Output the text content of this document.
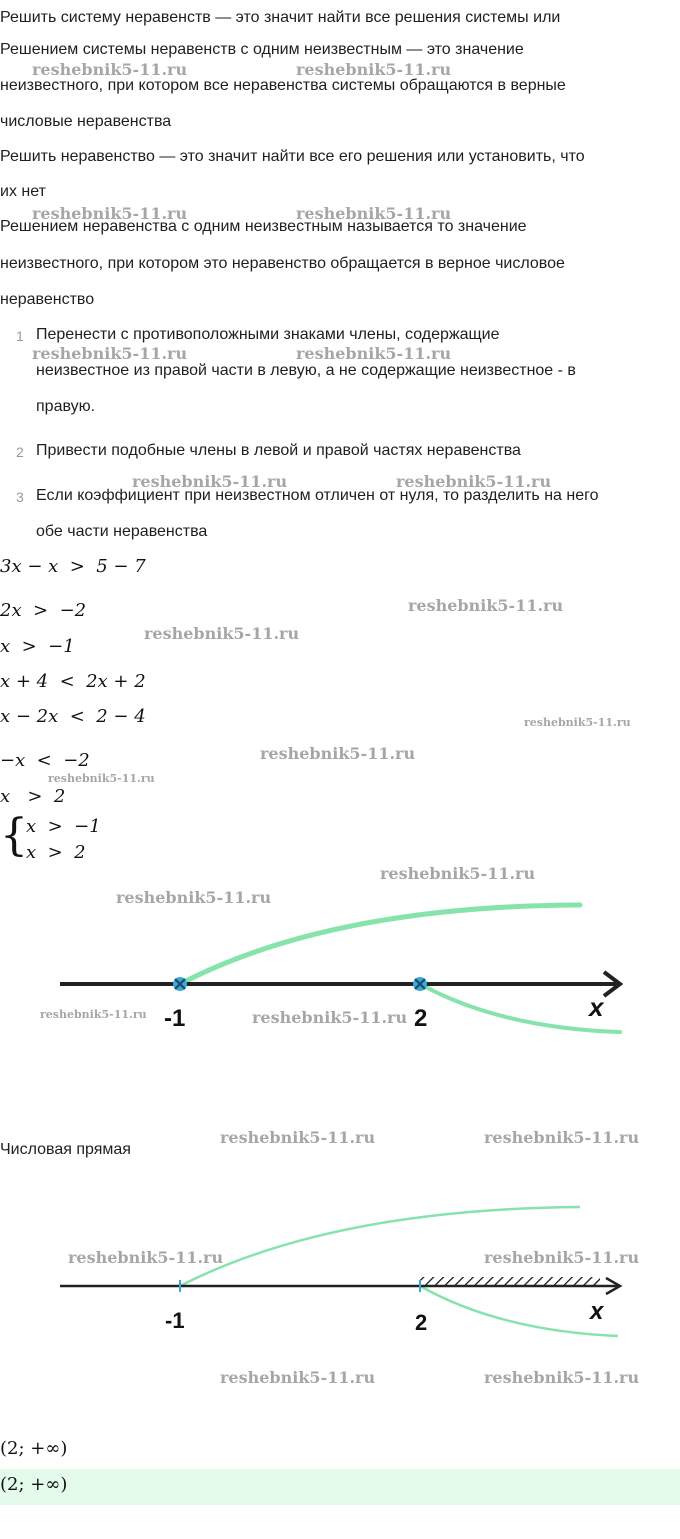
Решить систему неравенств — это значит найти все решения системы или
Решением системы неравенств с одним неизвестным — это значение
неизвестного, при котором все неравенства системы обращаются в верные
числовые неравенства
Решить неравенство — это значит найти все его решения или установить, что
их нет
Решением неравенства с одним неизвестным называется то значение
неизвестного, при котором это неравенство обращается в верное числовое
неравенство
1 Перенести с противоположными знаками члены, содержащие
неизвестное из правой части в левую, а не содержащие неизвестное - в
правую.
2 Привести подобные члены в левой и правой частях неравенства
3 Если коэффициент при неизвестном отличен от нуля, то разделить на него
обе части неравенства
3x − x  >  5 − 7
2x  >  −2
x  >  −1
x + 4  <  2x + 2
x − 2x  <  2 − 4
−x  <  −2
x   >  2
{
x  >  −1
x  >  2
-1	2	x
Числовая прямая
-1	2	x
(2; +∞)
(2; +∞)
reshebnik5-11.ru	reshebnik5-11.ru
reshebnik5-11.ru	reshebnik5-11.ru
reshebnik5-11.ru	reshebnik5-11.ru
reshebnik5-11.ru	reshebnik5-11.ru
reshebnik5-11.ru
reshebnik5-11.ru
reshebnik5-11.ru
reshebnik5-11.ru
reshebnik5-11.ru
reshebnik5-11.ru
reshebnik5-11.ru
reshebnik5-11.ru	reshebnik5-11.ru
reshebnik5-11.ru	reshebnik5-11.ru
reshebnik5-11.ru	reshebnik5-11.ru
reshebnik5-11.ru	reshebnik5-11.ru
